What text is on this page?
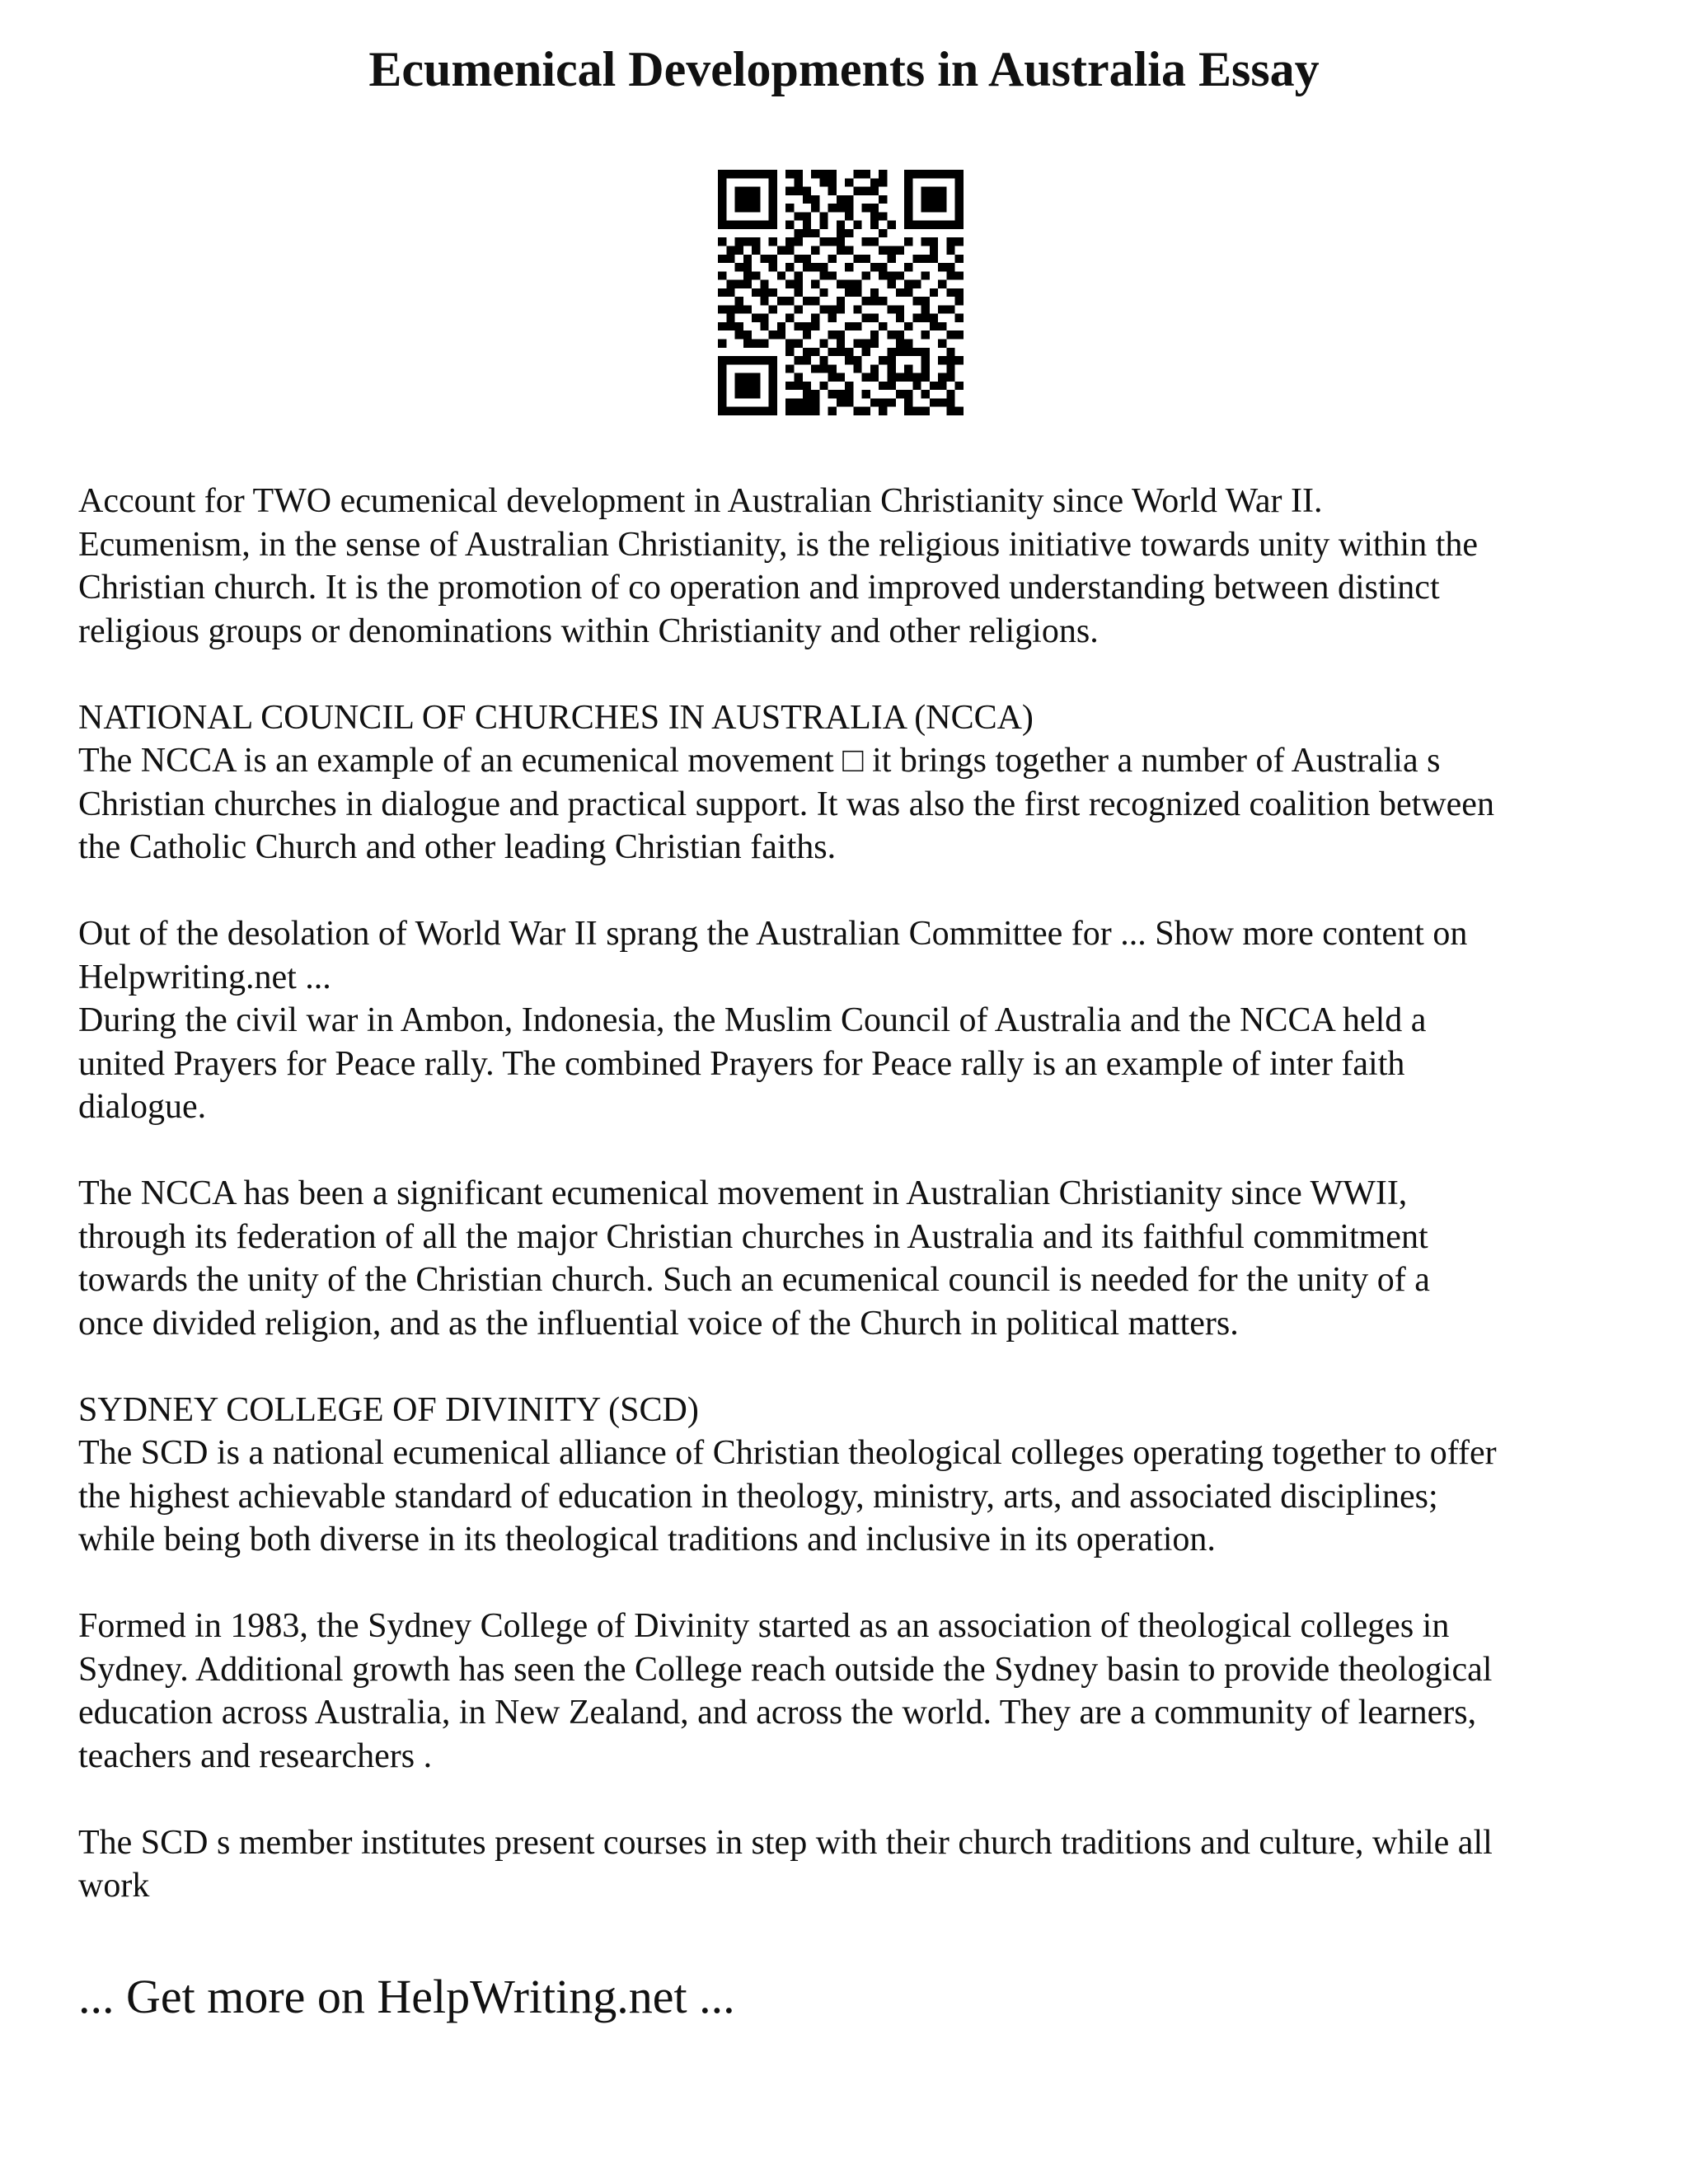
Ecumenical Developments in Australia Essay

Account for TWO ecumenical development in Australian Christianity since World War II.
Ecumenism, in the sense of Australian Christianity, is the religious initiative towards unity within the
Christian church. It is the promotion of co operation and improved understanding between distinct
religious groups or denominations within Christianity and other religions.

NATIONAL COUNCIL OF CHURCHES IN AUSTRALIA (NCCA)

The NCCA is an example of an ecumenical movement □ it brings together a number of Australia s
Christian churches in dialogue and practical support. It was also the first recognized coalition between
the Catholic Church and other leading Christian faiths.

Out of the desolation of World War II sprang the Australian Committee for ... Show more content on
Helpwriting.net ...

During the civil war in Ambon, Indonesia, the Muslim Council of Australia and the NCCA held a
united Prayers for Peace rally. The combined Prayers for Peace rally is an example of inter faith
dialogue.

The NCCA has been a significant ecumenical movement in Australian Christianity since WWII,
through its federation of all the major Christian churches in Australia and its faithful commitment
towards the unity of the Christian church. Such an ecumenical council is needed for the unity of a
once divided religion, and as the influential voice of the Church in political matters.

SYDNEY COLLEGE OF DIVINITY (SCD)

The SCD is a national ecumenical alliance of Christian theological colleges operating together to offer
the highest achievable standard of education in theology, ministry, arts, and associated disciplines;
while being both diverse in its theological traditions and inclusive in its operation.

Formed in 1983, the Sydney College of Divinity started as an association of theological colleges in
Sydney. Additional growth has seen the College reach outside the Sydney basin to provide theological
education across Australia, in New Zealand, and across the world. They are a community of learners,
teachers and researchers .

The SCD s member institutes present courses in step with their church traditions and culture, while all
work

... Get more on HelpWriting.net ...
